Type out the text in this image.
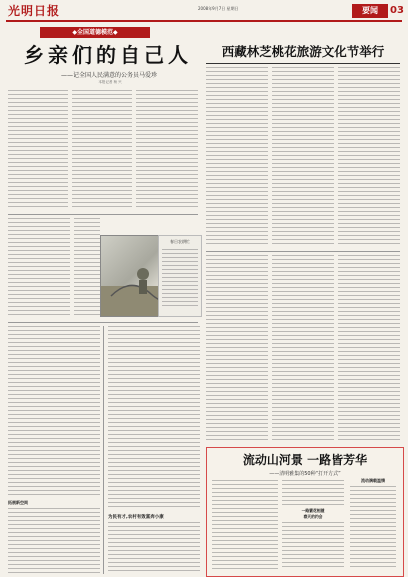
光明日报	2008年9月7日 星期日	要闻	03
◆全国道德模范◆
乡亲们的自己人
——记全国人民满意的公务员马爱珍
本报记者 杨 兴
春日农耕忙
拓展新空间
为民有才,农村有致富奔小康
西藏林芝桃花旅游文化节举行
流动山河景 一路皆芳华
——清明雅集的50种“打开方式”
一路繁花相随
春天的约会
流动满载温情
